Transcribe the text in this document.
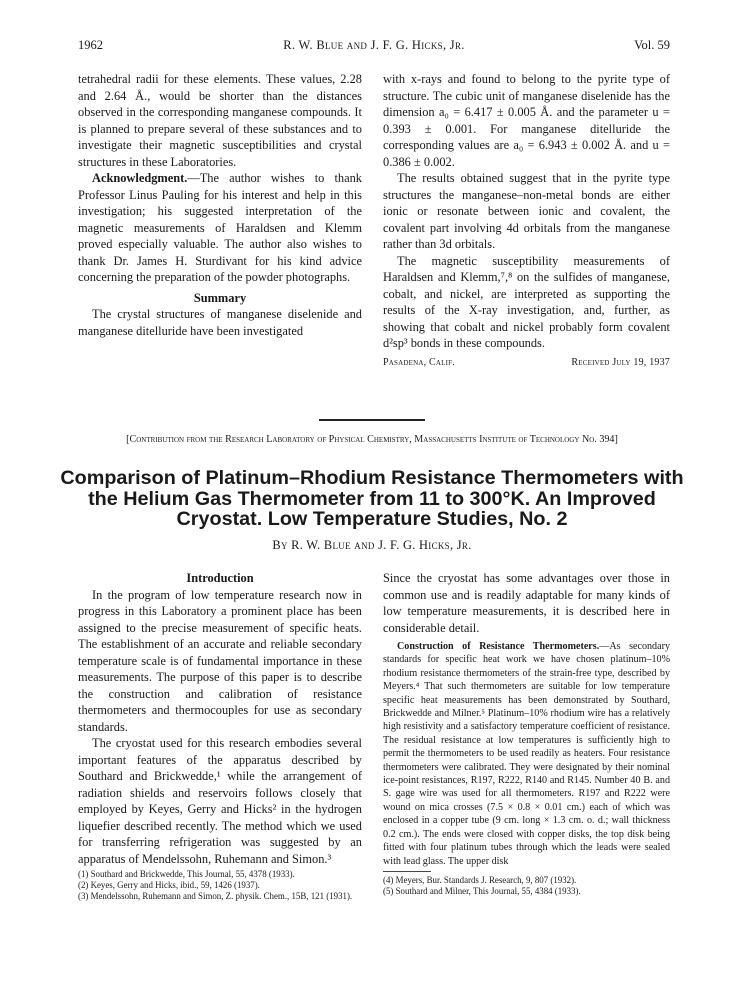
1962	R. W. Blue and J. F. G. Hicks, Jr.	Vol. 59

tetrahedral radii for these elements. These values, 2.28 and 2.64 Å., would be shorter than the distances observed in the corresponding manganese compounds. It is planned to prepare several of these substances and to investigate their magnetic susceptibilities and crystal structures in these Laboratories.

Acknowledgment.—The author wishes to thank Professor Linus Pauling for his interest and help in this investigation; his suggested interpretation of the magnetic measurements of Haraldsen and Klemm proved especially valuable. The author also wishes to thank Dr. James H. Sturdivant for his kind advice concerning the preparation of the powder photographs.

Summary

The crystal structures of manganese diselenide and manganese ditelluride have been investigated

with x-rays and found to belong to the pyrite type of structure. The cubic unit of manganese diselenide has the dimension a₀ = 6.417 ± 0.005 Å. and the parameter u = 0.393 ± 0.001. For manganese ditelluride the corresponding values are a₀ = 6.943 ± 0.002 Å. and u = 0.386 ± 0.002.

The results obtained suggest that in the pyrite type structures the manganese–non-metal bonds are either ionic or resonate between ionic and covalent, the covalent part involving 4d orbitals from the manganese rather than 3d orbitals.

The magnetic susceptibility measurements of Haraldsen and Klemm,⁷,⁸ on the sulfides of manganese, cobalt, and nickel, are interpreted as supporting the results of the X-ray investigation, and, further, as showing that cobalt and nickel probably form covalent d²sp³ bonds in these compounds.

Pasadena, Calif.	Received July 19, 1937
[Contribution from the Research Laboratory of Physical Chemistry, Massachusetts Institute of Technology No. 394]
Comparison of Platinum–Rhodium Resistance Thermometers with the Helium Gas Thermometer from 11 to 300°K. An Improved Cryostat. Low Temperature Studies, No. 2
By R. W. Blue and J. F. G. Hicks, Jr.
Introduction

In the program of low temperature research now in progress in this Laboratory a prominent place has been assigned to the precise measurement of specific heats. The establishment of an accurate and reliable secondary temperature scale is of fundamental importance in these measurements. The purpose of this paper is to describe the construction and calibration of resistance thermometers and thermocouples for use as secondary standards.

The cryostat used for this research embodies several important features of the apparatus described by Southard and Brickwedde,¹ while the arrangement of radiation shields and reservoirs follows closely that employed by Keyes, Gerry and Hicks² in the hydrogen liquefier described recently. The method which we used for transferring refrigeration was suggested by an apparatus of Mendelssohn, Ruhemann and Simon.³

(1) Southard and Brickwedde, This Journal, 55, 4378 (1933).
(2) Keyes, Gerry and Hicks, ibid., 59, 1426 (1937).
(3) Mendelssohn, Ruhemann and Simon, Z. physik. Chem., 15B, 121 (1931).

Since the cryostat has some advantages over those in common use and is readily adaptable for many kinds of low temperature measurements, it is described here in considerable detail.

Construction of Resistance Thermometers.—As secondary standards for specific heat work we have chosen platinum–10% rhodium resistance thermometers of the strain-free type, described by Meyers.⁴ That such thermometers are suitable for low temperature specific heat measurements has been demonstrated by Southard, Brickwedde and Milner.⁵ Platinum–10% rhodium wire has a relatively high resistivity and a satisfactory temperature coefficient of resistance. The residual resistance at low temperatures is sufficiently high to permit the thermometers to be used readily as heaters. Four resistance thermometers were calibrated. They were designated by their nominal ice-point resistances, R197, R222, R140 and R145. Number 40 B. and S. gage wire was used for all thermometers. R197 and R222 were wound on mica crosses (7.5 × 0.8 × 0.01 cm.) each of which was enclosed in a copper tube (9 cm. long × 1.3 cm. o. d.; wall thickness 0.2 cm.). The ends were closed with copper disks, the top disk being fitted with four platinum tubes through which the leads were sealed with lead glass. The upper disk

(4) Meyers, Bur. Standards J. Research, 9, 807 (1932).
(5) Southard and Milner, This Journal, 55, 4384 (1933).
